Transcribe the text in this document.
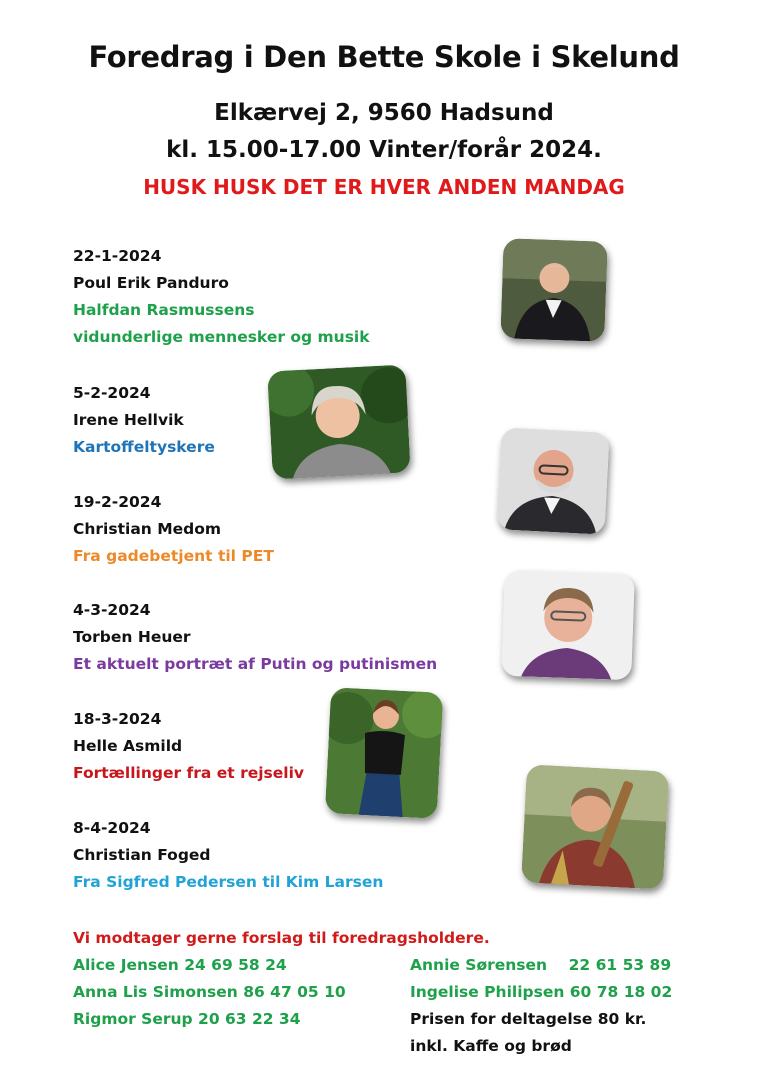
Foredrag i Den Bette Skole i Skelund
Elkærvej 2, 9560 Hadsund
kl. 15.00-17.00 Vinter/forår 2024.
HUSK HUSK DET ER HVER ANDEN MANDAG
22-1-2024
Poul Erik Panduro
Halfdan Rasmussens
vidunderlige mennesker og musik
5-2-2024
Irene Hellvik
Kartoffeltyskere
19-2-2024
Christian Medom
Fra gadebetjent til PET
4-3-2024
Torben Heuer
Et aktuelt portræt af Putin og putinismen
18-3-2024
Helle Asmild
Fortællinger fra et rejseliv
8-4-2024
Christian Foged
Fra Sigfred Pedersen til Kim Larsen
Vi modtager gerne forslag til foredragsholdere.
Alice Jensen 24 69 58 24
Anna Lis Simonsen 86 47 05 10
Rigmor Serup 20 63 22 34
Annie Sørensen    22 61 53 89
Ingelise Philipsen 60 78 18 02
Prisen for deltagelse 80 kr.
inkl. Kaffe og brød
